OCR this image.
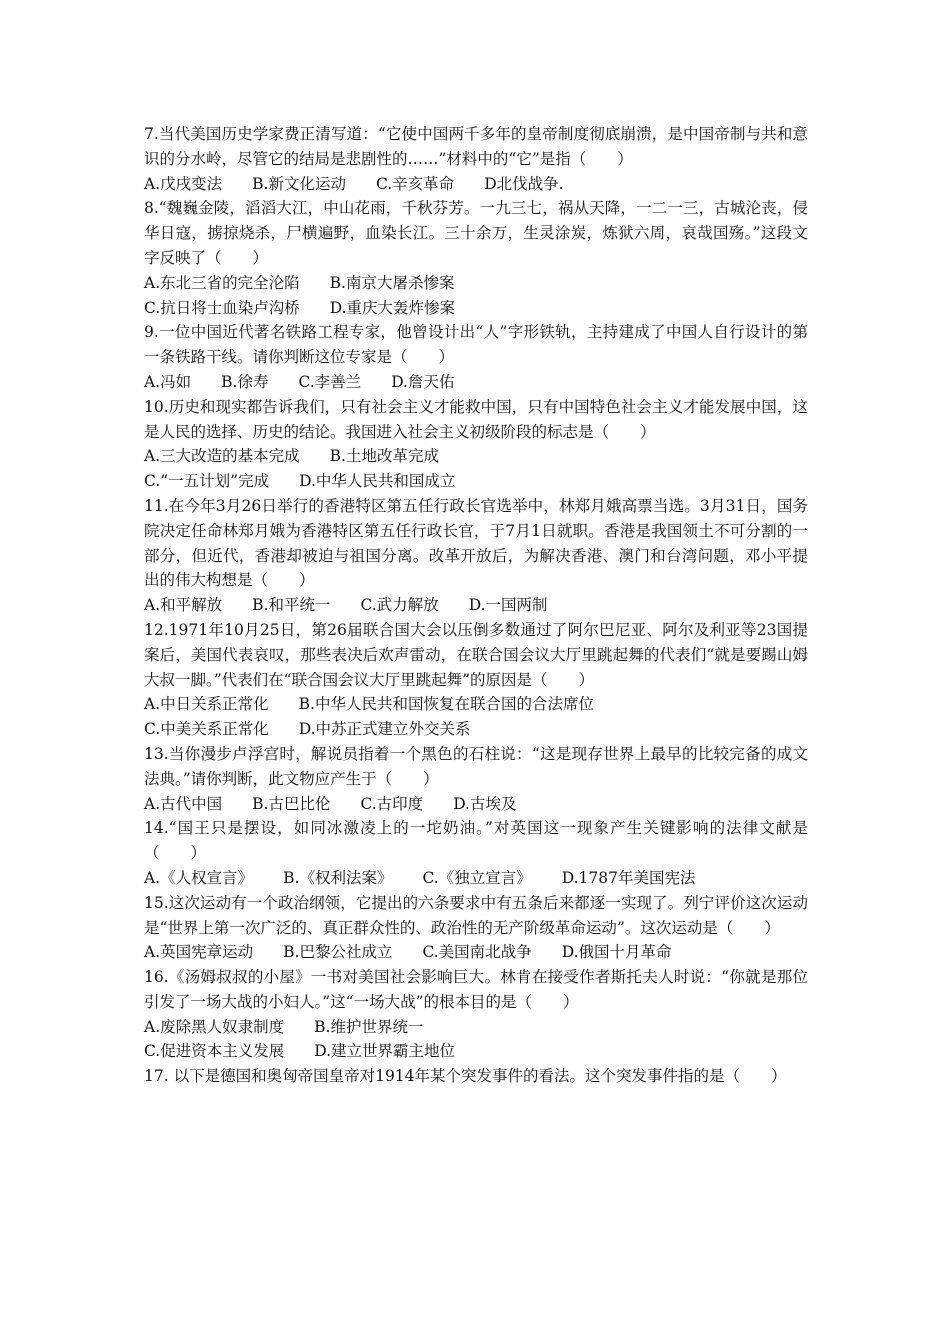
7.当代美国历史学家费正清写道：“它使中国两千多年的皇帝制度彻底崩溃，是中国帝制与共和意识的分水岭，尽管它的结局是悲剧性的……”材料中的“它”是指（　　）

A.戊戌变法 B.新文化运动 C.辛亥革命 D北伐战争.

8.“魏巍金陵，滔滔大江，中山花雨，千秋芬芳。一九三七，祸从天降，一二一三，古城沦丧，侵华日寇，掳掠烧杀，尸横遍野，血染长江。三十余万，生灵涂炭，炼狱六周，哀哉国殇。”这段文字反映了（　　）

A.东北三省的完全沦陷 B.南京大屠杀惨案
C.抗日将士血染卢沟桥 D.重庆大轰炸惨案

9.一位中国近代著名铁路工程专家，他曾设计出“人”字形铁轨，主持建成了中国人自行设计的第一条铁路干线。请你判断这位专家是（　　）

A.冯如 B.徐寿 C.李善兰 D.詹天佑

10.历史和现实都告诉我们，只有社会主义才能救中国，只有中国特色社会主义才能发展中国，这是人民的选择、历史的结论。我国进入社会主义初级阶段的标志是（　　）

A.三大改造的基本完成 B.土地改革完成
C.“一五计划”完成 D.中华人民共和国成立

11.在今年3月26日举行的香港特区第五任行政长官选举中，林郑月娥高票当选。3月31日，国务院决定任命林郑月娥为香港特区第五任行政长官，于7月1日就职。香港是我国领土不可分割的一部分，但近代，香港却被迫与祖国分离。改革开放后，为解决香港、澳门和台湾问题，邓小平提出的伟大构想是（　　）

A.和平解放 B.和平统一 C.武力解放 D.一国两制

12.1971年10月25日，第26届联合国大会以压倒多数通过了阿尔巴尼亚、阿尔及利亚等23国提案后，美国代表哀叹，那些表决后欢声雷动，在联合国会议大厅里跳起舞的代表们“就是要踢山姆大叔一脚。”代表们在“联合国会议大厅里跳起舞”的原因是（　　）

A.中日关系正常化 B.中华人民共和国恢复在联合国的合法席位
C.中美关系正常化 D.中苏正式建立外交关系

13.当你漫步卢浮宫时，解说员指着一个黑色的石柱说：“这是现存世界上最早的比较完备的成文法典。”请你判断，此文物应产生于（　　）

A.古代中国 B.古巴比伦 C.古印度 D.古埃及

14.“国王只是摆设，如同冰激凌上的一坨奶油。”对英国这一现象产生关键影响的法律文献是（　　）

A.《人权宣言》 B.《权利法案》 C.《独立宣言》 D.1787年美国宪法

15.这次运动有一个政治纲领，它提出的六条要求中有五条后来都逐一实现了。列宁评价这次运动是“世界上第一次广泛的、真正群众性的、政治性的无产阶级革命运动”。这次运动是（　　）

A.英国宪章运动 B.巴黎公社成立 C.美国南北战争 D.俄国十月革命

16.《汤姆叔叔的小屋》一书对美国社会影响巨大。林肯在接受作者斯托夫人时说：“你就是那位引发了一场大战的小妇人。”这“一场大战”的根本目的是（　　）

A.废除黑人奴隶制度 B.维护世界统一
C.促进资本主义发展 D.建立世界霸主地位

17. 以下是德国和奥匈帝国皇帝对1914年某个突发事件的看法。这个突发事件指的是（　　）
